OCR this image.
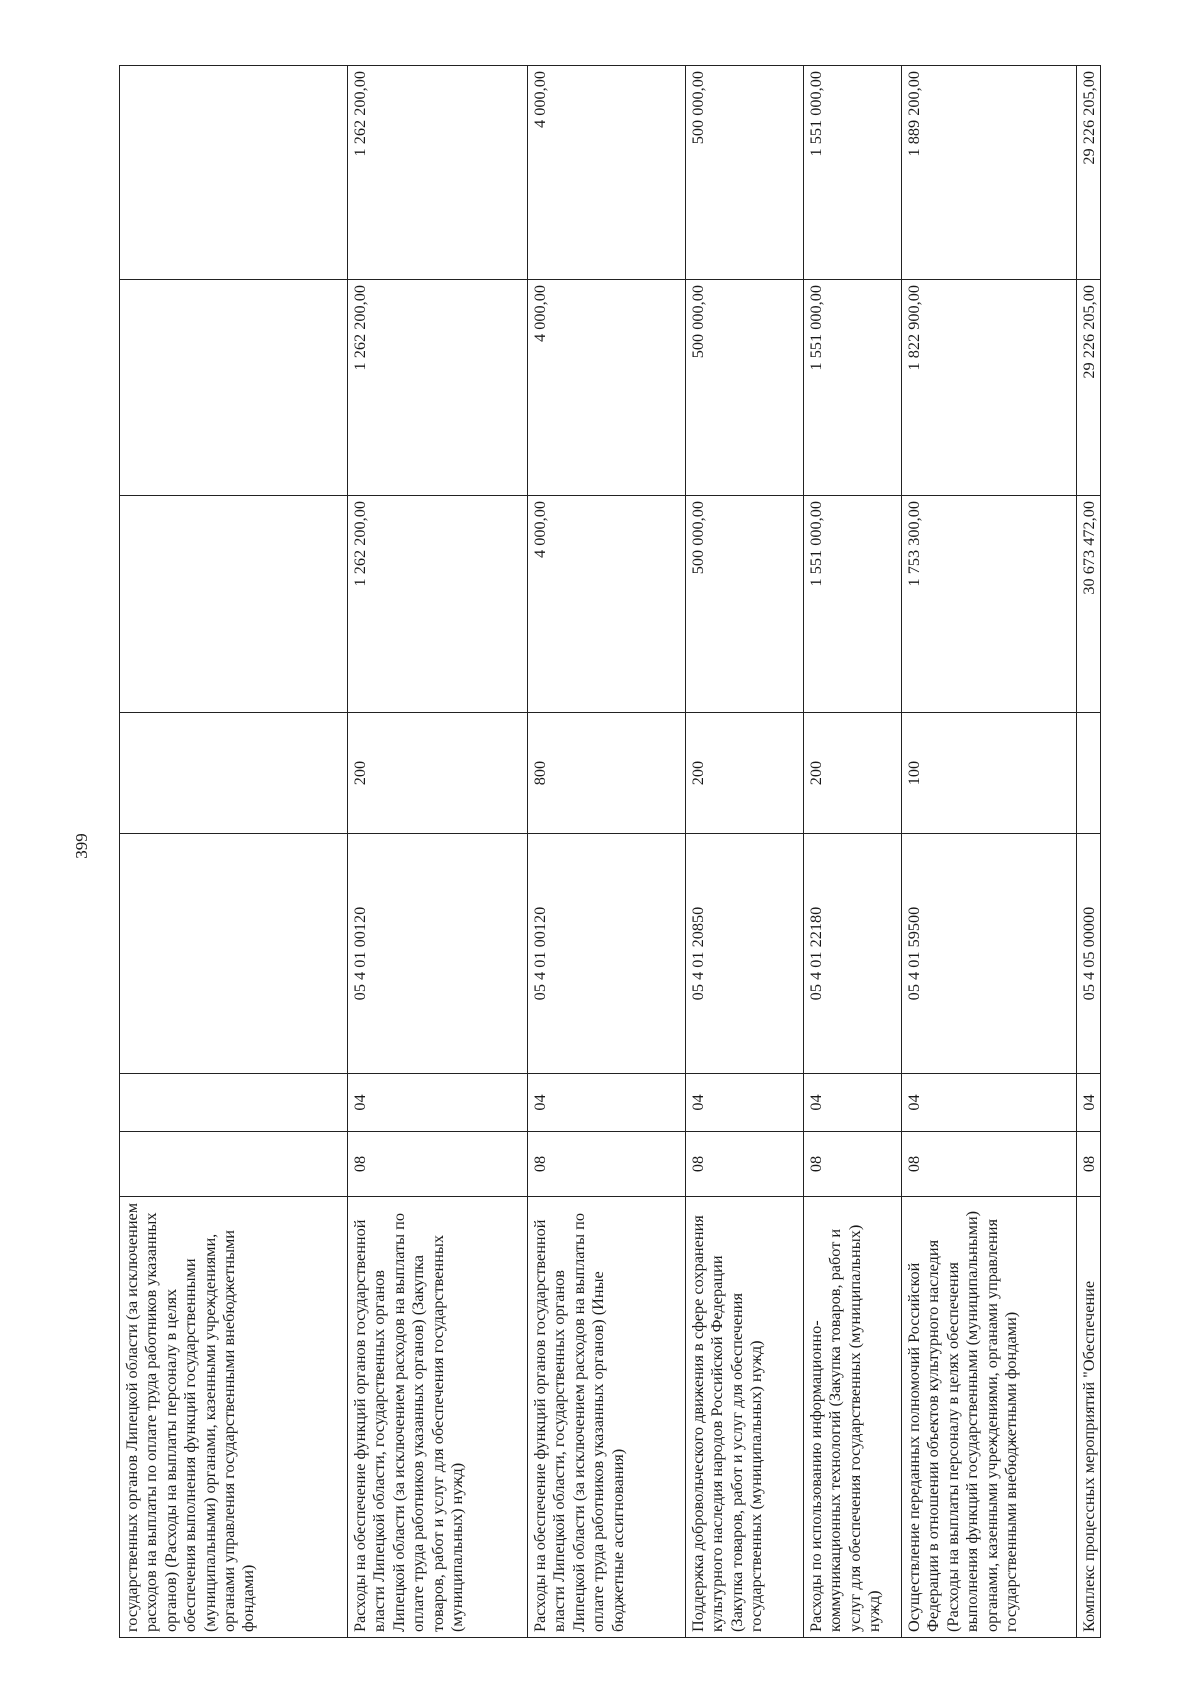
399
государственных органов Липецкой области (за исключением расходов на выплаты по оплате труда работников указанных органов) (Расходы на выплаты персоналу в целях обеспечения выполнения функций государственными (муниципальными) органами, казенными учреждениями, органами управления государственными внебюджетными фондами)							
Расходы на обеспечение функций органов государственной власти Липецкой области, государственных органов Липецкой области (за исключением расходов на выплаты по оплате труда работников указанных органов) (Закупка товаров, работ и услуг для обеспечения государственных (муниципальных) нужд)	08	04	05 4 01 00120	200	1 262 200,00	1 262 200,00	1 262 200,00
Расходы на обеспечение функций органов государственной власти Липецкой области, государственных органов Липецкой области (за исключением расходов на выплаты по оплате труда работников указанных органов) (Иные бюджетные ассигнования)	08	04	05 4 01 00120	800	4 000,00	4 000,00	4 000,00
Поддержка добровольческого движения в сфере сохранения культурного наследия народов Российской Федерации (Закупка товаров, работ и услуг для обеспечения государственных (муниципальных) нужд)	08	04	05 4 01 20850	200	500 000,00	500 000,00	500 000,00
Расходы по использованию информационно-коммуникационных технологий (Закупка товаров, работ и услуг для обеспечения государственных (муниципальных) нужд)	08	04	05 4 01 22180	200	1 551 000,00	1 551 000,00	1 551 000,00
Осуществление переданных полномочий Российской Федерации в отношении объектов культурного наследия (Расходы на выплаты персоналу в целях обеспечения выполнения функций государственными (муниципальными) органами, казенными учреждениями, органами управления государственными внебюджетными фондами)	08	04	05 4 01 59500	100	1 753 300,00	1 822 900,00	1 889 200,00
Комплекс процессных мероприятий "Обеспечение	08	04	05 4 05 00000		30 673 472,00	29 226 205,00	29 226 205,00
